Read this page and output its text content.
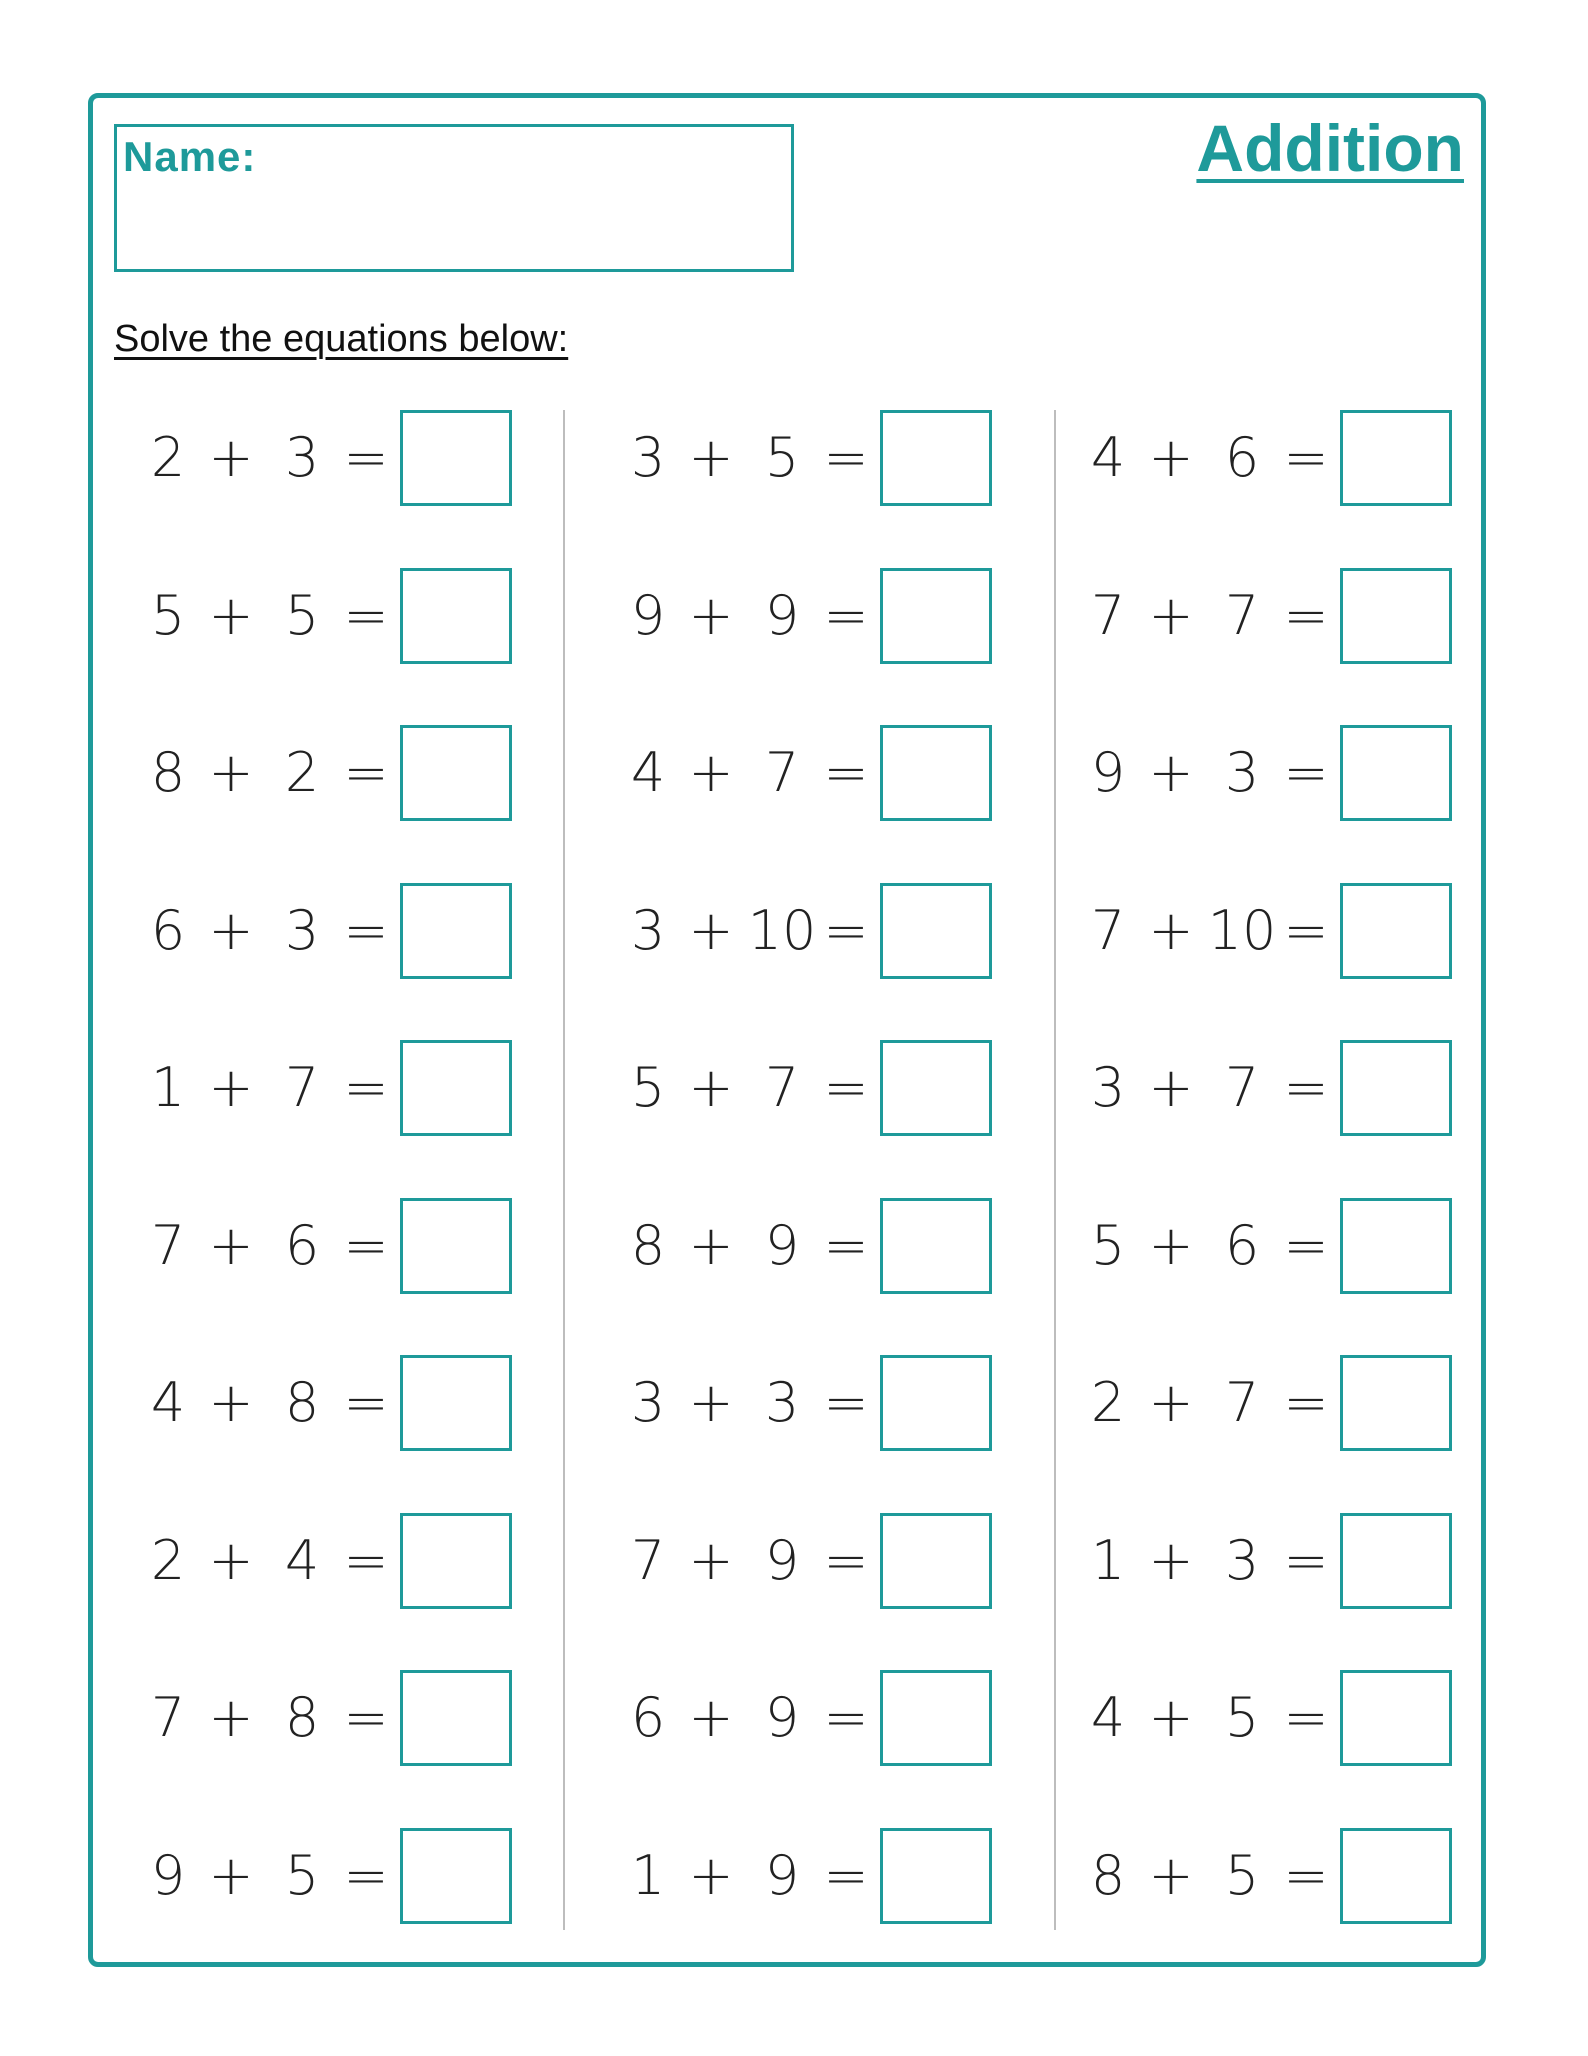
Name:	Addition
Solve the equations below:
2 + 3 =
5 + 5 =
8 + 2 =
6 + 3 =
1 + 7 =
7 + 6 =
4 + 8 =
2 + 4 =
7 + 8 =
9 + 5 =
3 + 5 =
9 + 9 =
4 + 7 =
3 + 10 =
5 + 7 =
8 + 9 =
3 + 3 =
7 + 9 =
6 + 9 =
1 + 9 =
4 + 6 =
7 + 7 =
9 + 3 =
7 + 10 =
3 + 7 =
5 + 6 =
2 + 7 =
1 + 3 =
4 + 5 =
8 + 5 =
